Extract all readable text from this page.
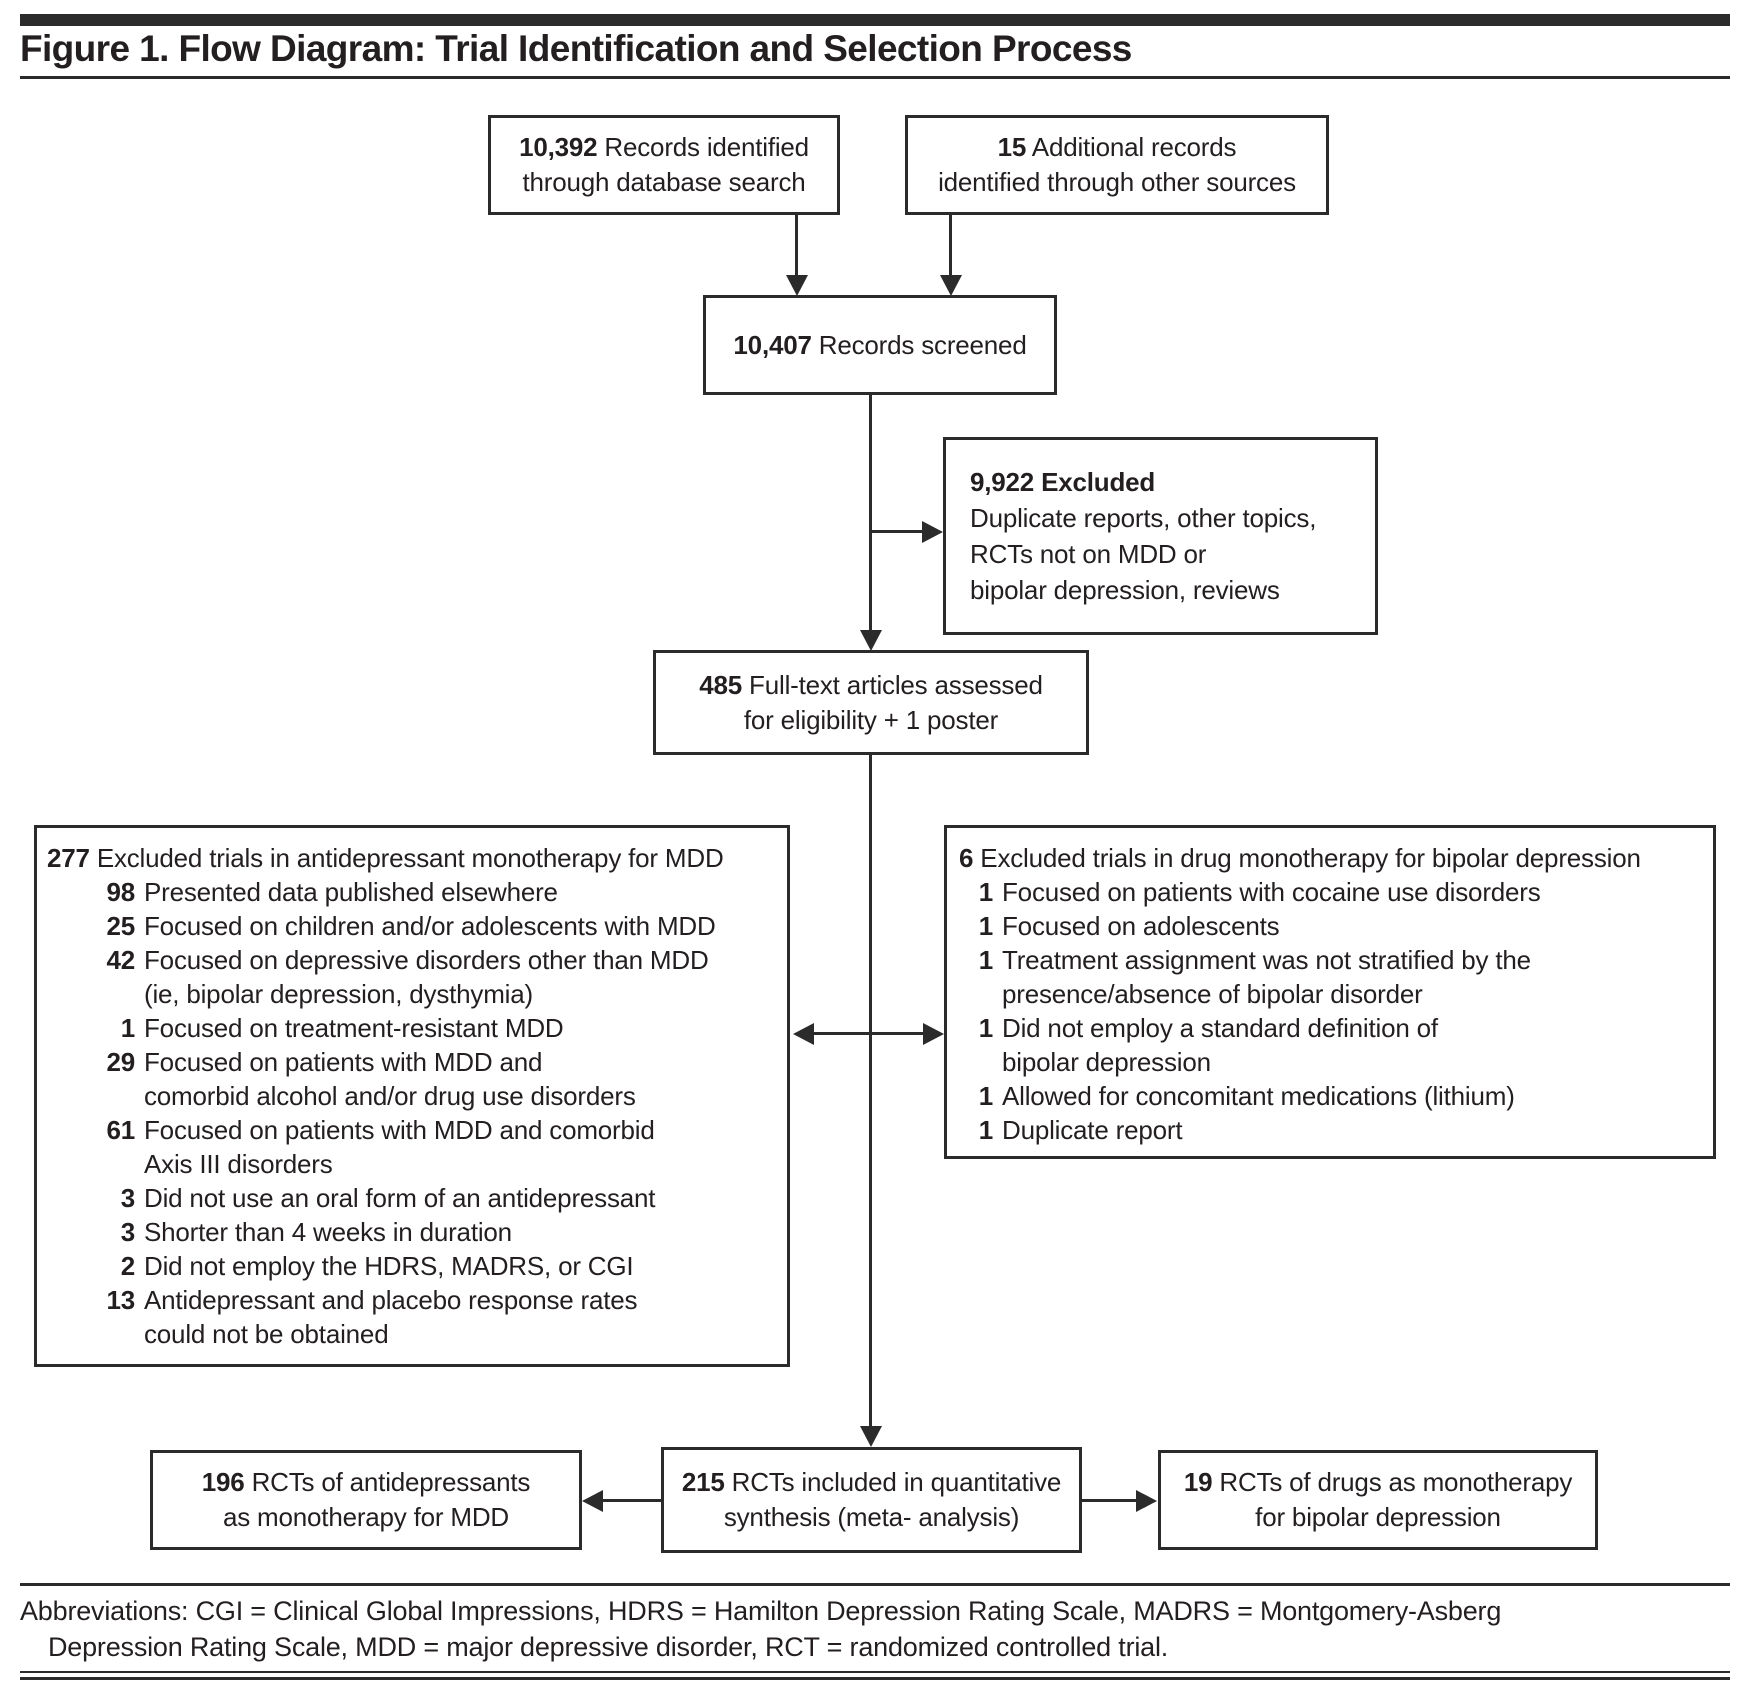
Figure 1. Flow Diagram: Trial Identification and Selection Process
10,392 Records identified
through database search
15 Additional records
identified through other sources
10,407 Records screened
9,922 Excluded
Duplicate reports, other topics,
RCTs not on MDD or
bipolar depression, reviews
485 Full-text articles assessed
for eligibility + 1 poster
277 Excluded trials in antidepressant monotherapy for MDD
98 Presented data published elsewhere
25 Focused on children and/or adolescents with MDD
42 Focused on depressive disorders other than MDD
(ie, bipolar depression, dysthymia)
1 Focused on treatment-resistant MDD
29 Focused on patients with MDD and
comorbid alcohol and/or drug use disorders
61 Focused on patients with MDD and comorbid
Axis III disorders
3 Did not use an oral form of an antidepressant
3 Shorter than 4 weeks in duration
2 Did not employ the HDRS, MADRS, or CGI
13 Antidepressant and placebo response rates
could not be obtained
6 Excluded trials in drug monotherapy for bipolar depression
1 Focused on patients with cocaine use disorders
1 Focused on adolescents
1 Treatment assignment was not stratified by the
presence/absence of bipolar disorder
1 Did not employ a standard definition of
bipolar depression
1 Allowed for concomitant medications (lithium)
1 Duplicate report
196 RCTs of antidepressants
as monotherapy for MDD
215 RCTs included in quantitative
synthesis (meta- analysis)
19 RCTs of drugs as monotherapy
for bipolar depression
Abbreviations: CGI = Clinical Global Impressions, HDRS = Hamilton Depression Rating Scale, MADRS = Montgomery-Asberg
Depression Rating Scale, MDD = major depressive disorder, RCT = randomized controlled trial.
